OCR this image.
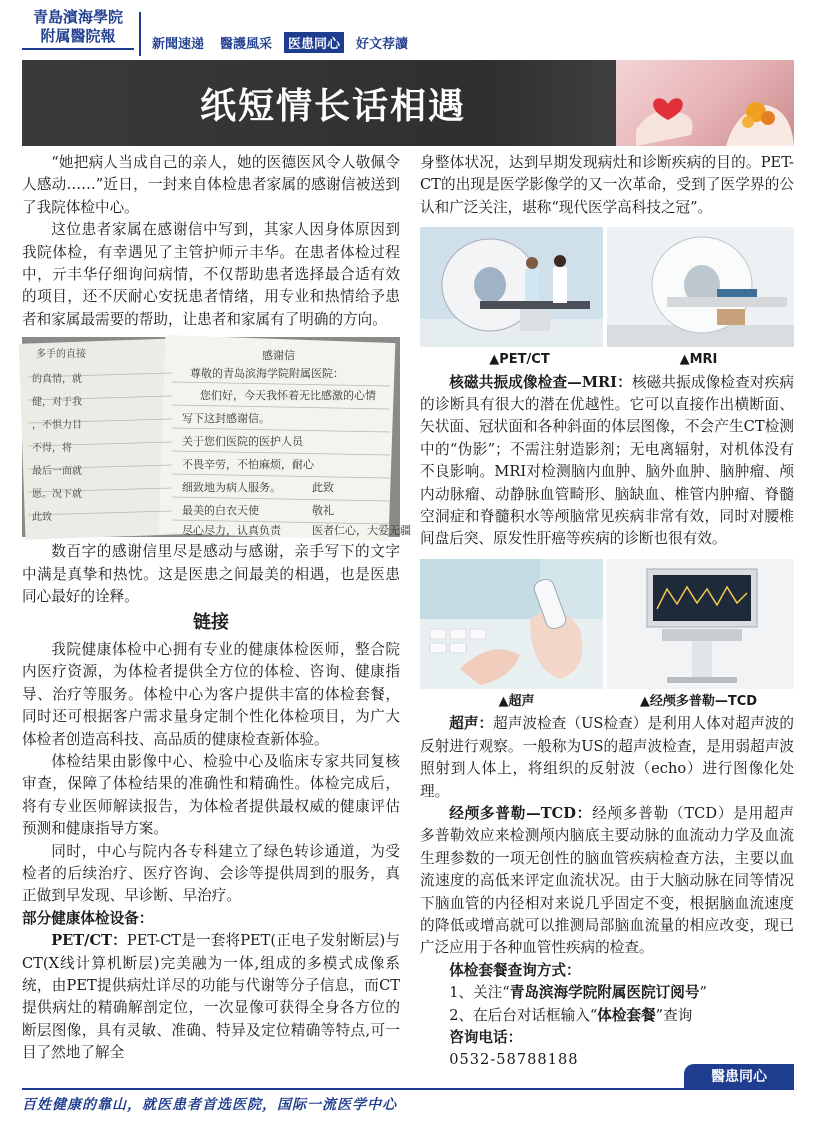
青島濱海學院
附属醫院報	新聞速递	醫護風采	医患同心	好文荐讀
纸短情长话相遇

“她把病人当成自己的亲人，她的医德医风令人敬佩令人感动……”近日，一封来自体检患者家属的感谢信被送到了我院体检中心。

这位患者家属在感谢信中写到，其家人因身体原因到我院体检，有幸遇见了主管护师亓丰华。在患者体检过程中，亓丰华仔细询问病情，不仅帮助患者选择最合适有效的项目，还不厌耐心安抚患者情绪，用专业和热情给予患者和家属最需要的帮助，让患者和家属有了明确的方向。

感谢信
尊敬的青岛滨海学院附属医院：
您们好，今天我怀着无比感激的心情
写下这封感谢信。
关于您们医院的医护人员
不畏辛劳，不怕麻烦，耐心
细致地为病人服务。
最美的白衣天使
此致
敬礼
尽心尽力，认真负责	医者仁心，大爱无疆
多手的直接
的真情，就
健，对于我
，不惧力目
不得，将
最后一面就
愿。况下就
此致

数百字的感谢信里尽是感动与感谢，亲手写下的文字中满是真挚和热忱。这是医患之间最美的相遇，也是医患同心最好的诠释。

链接

我院健康体检中心拥有专业的健康体检医师，整合院内医疗资源，为体检者提供全方位的体检、咨询、健康指导、治疗等服务。体检中心为客户提供丰富的体检套餐，同时还可根据客户需求量身定制个性化体检项目，为广大体检者创造高科技、高品质的健康检查新体验。

体检结果由影像中心、检验中心及临床专家共同复核审查，保障了体检结果的准确性和精确性。体检完成后，将有专业医师解读报告，为体检者提供最权威的健康评估预测和健康指导方案。

同时，中心与院内各专科建立了绿色转诊通道，为受检者的后续治疗、医疗咨询、会诊等提供周到的服务，真正做到早发现、早诊断、早治疗。

部分健康体检设备：

PET/CT：PET-CT是一套将PET(正电子发射断层)与CT(X线计算机断层)完美融为一体,组成的多模式成像系统，由PET提供病灶详尽的功能与代谢等分子信息，而CT提供病灶的精确解剖定位，一次显像可获得全身各方位的断层图像，具有灵敏、准确、特异及定位精确等特点,可一目了然地了解全

身整体状况，达到早期发现病灶和诊断疾病的目的。PET-CT的出现是医学影像学的又一次革命，受到了医学界的公认和广泛关注，堪称“现代医学高科技之冠”。

▲PET/CT	▲MRI

核磁共振成像检查—MRI：核磁共振成像检查对疾病的诊断具有很大的潜在优越性。它可以直接作出横断面、矢状面、冠状面和各种斜面的体层图像，不会产生CT检测中的“伪影”；不需注射造影剂；无电离辐射，对机体没有不良影响。MRI对检测脑内血肿、脑外血肿、脑肿瘤、颅内动脉瘤、动静脉血管畸形、脑缺血、椎管内肿瘤、脊髓空洞症和脊髓积水等颅脑常见疾病非常有效，同时对腰椎间盘后突、原发性肝癌等疾病的诊断也很有效。

▲超声	▲经颅多普勒—TCD

超声：超声波检查（US检查）是利用人体对超声波的反射进行观察。一般称为US的超声波检查，是用弱超声波照射到人体上，将组织的反射波（echo）进行图像化处理。

经颅多普勒—TCD：经颅多普勒（TCD）是用超声多普勒效应来检测颅内脑底主要动脉的血流动力学及血流生理参数的一项无创性的脑血管疾病检查方法，主要以血流速度的高低来评定血流状况。由于大脑动脉在同等情况下脑血管的内径相对来说几乎固定不变，根据脑血流速度的降低或增高就可以推测局部脑血流量的相应改变，现已广泛应用于各种血管性疾病的检查。

体检套餐查询方式：

1、关注“青岛滨海学院附属医院订阅号”

2、在后台对话框输入“体检套餐”查询

咨询电话：

0532-58788188

醫患同心
百姓健康的靠山，就医患者首选医院，国际一流医学中心
